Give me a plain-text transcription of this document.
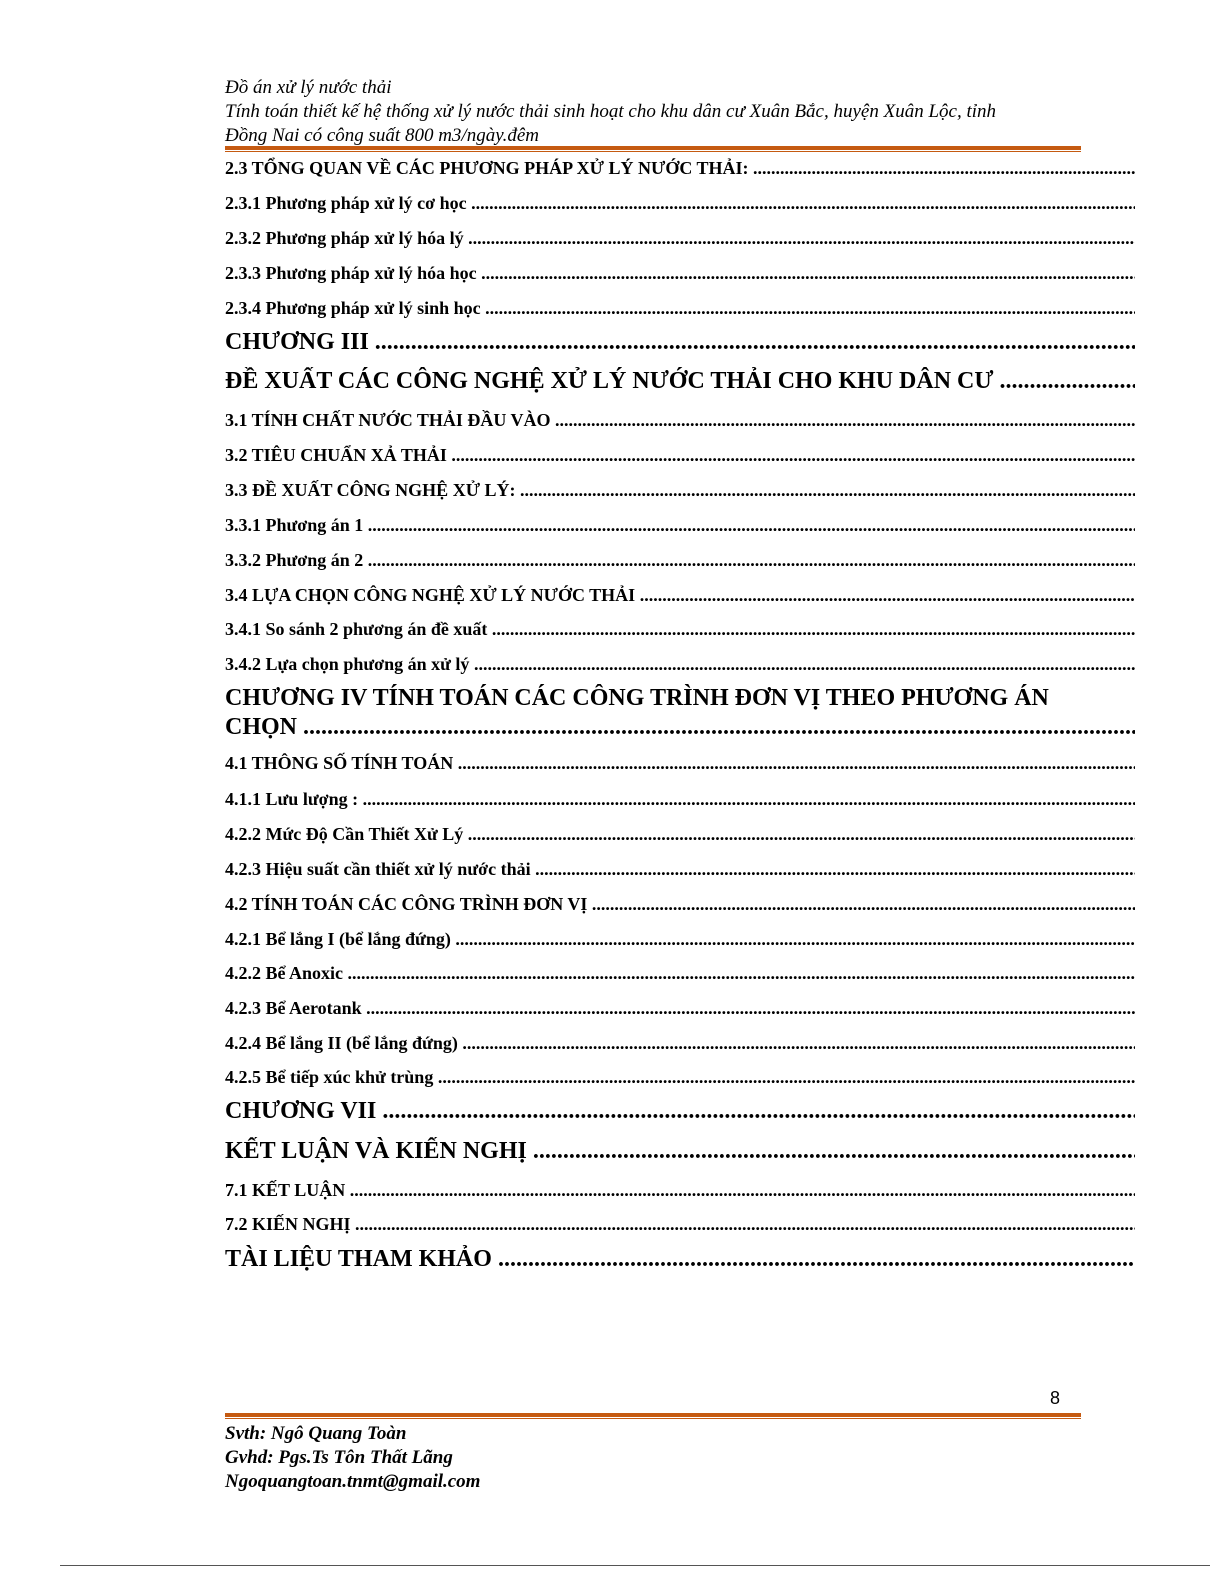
Đồ án xử lý nước thải
Tính toán thiết kế hệ thống xử lý nước thải sinh hoạt cho khu dân cư Xuân Bắc, huyện Xuân Lộc, tỉnh
Đồng Nai có công suất 800 m3/ngày.đêm
2.3 TỔNG QUAN VỀ CÁC PHƯƠNG PHÁP XỬ LÝ NƯỚC THẢI: .....
2.3.1 Phương pháp xử lý cơ học .....
2.3.2 Phương pháp xử lý hóa lý .....
2.3.3 Phương pháp xử lý hóa học .....
2.3.4 Phương pháp xử lý sinh học .....
CHƯƠNG III .....
ĐỀ XUẤT CÁC CÔNG NGHỆ XỬ LÝ NƯỚC THẢI CHO KHU DÂN CƯ .....
3.1 TÍNH CHẤT NƯỚC THẢI ĐẦU VÀO .....
3.2 TIÊU CHUẨN XẢ THẢI .....
3.3 ĐỀ XUẤT CÔNG NGHỆ XỬ LÝ: .....
3.3.1 Phương án 1 .....
3.3.2 Phương án 2 .....
3.4 LỰA CHỌN CÔNG NGHỆ XỬ LÝ NƯỚC THẢI .....
3.4.1 So sánh 2 phương án đề xuất .....
3.4.2 Lựa chọn phương án xử lý .....
CHƯƠNG IV TÍNH TOÁN CÁC CÔNG TRÌNH ĐƠN VỊ THEO PHƯƠNG ÁN
CHỌN .....
4.1 THÔNG SỐ TÍNH TOÁN .....
4.1.1 Lưu lượng : .....
4.2.2 Mức Độ Cần Thiết Xử Lý .....
4.2.3 Hiệu suất cần thiết xử lý nước thải .....
4.2 TÍNH TOÁN CÁC CÔNG TRÌNH ĐƠN VỊ .....
4.2.1 Bể lắng I (bể lắng đứng) .....
4.2.2 Bể Anoxic .....
4.2.3 Bể Aerotank .....
4.2.4 Bể lắng II (bể lắng đứng) .....
4.2.5 Bể tiếp xúc khử trùng .....
CHƯƠNG VII .....
KẾT LUẬN VÀ KIẾN NGHỊ .....
7.1 KẾT LUẬN .....
7.2 KIẾN NGHỊ .....
TÀI LIỆU THAM KHẢO .....
8
Svth: Ngô Quang Toàn
Gvhd: Pgs.Ts Tôn Thất Lãng
Ngoquangtoan.tnmt@gmail.com
